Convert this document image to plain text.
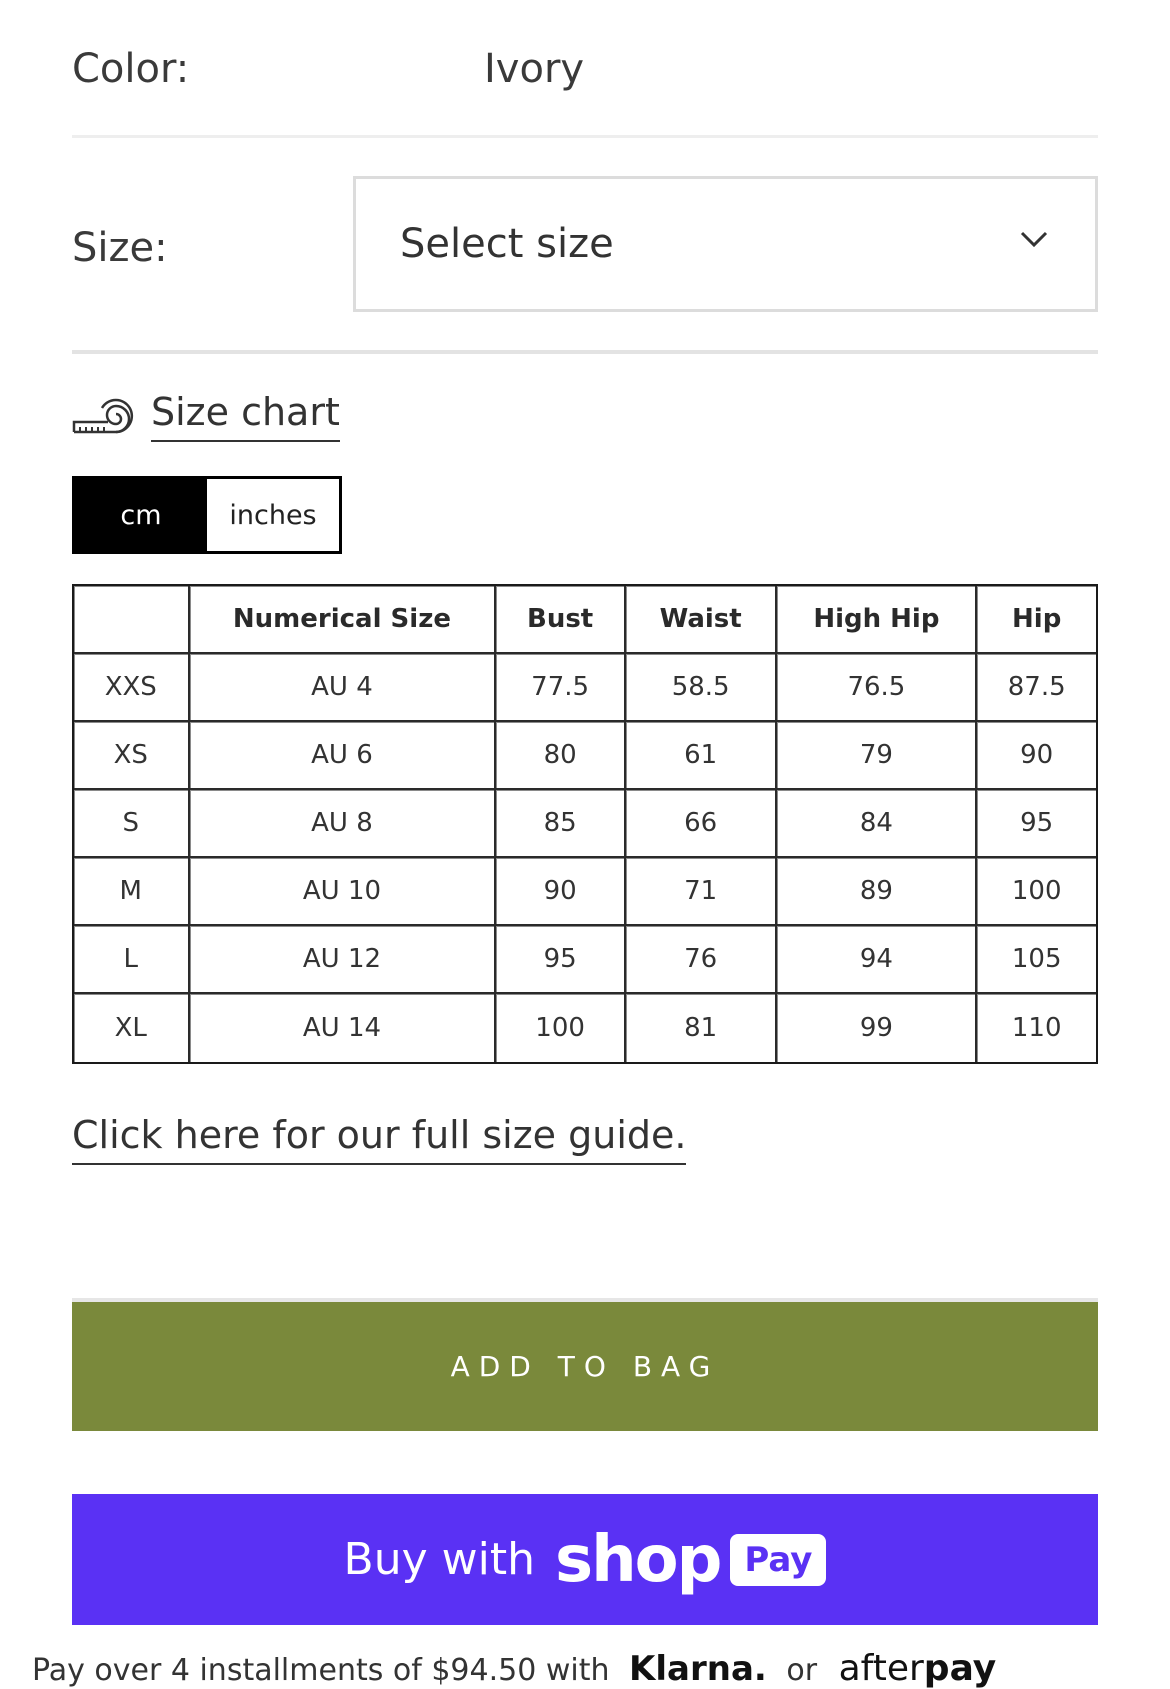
Color:	Ivory
Size:	Select size
Size chart
cm	inches
	Numerical Size	Bust	Waist	High Hip	Hip
XXS	AU 4	77.5	58.5	76.5	87.5
XS	AU 6	80	61	79	90
S	AU 8	85	66	84	95
M	AU 10	90	71	89	100
L	AU 12	95	76	94	105
XL	AU 14	100	81	99	110
Click here for our full size guide.
ADD TO BAG
Buy with shop Pay
Pay over 4 installments of $94.50 with Klarna. or afterpay
